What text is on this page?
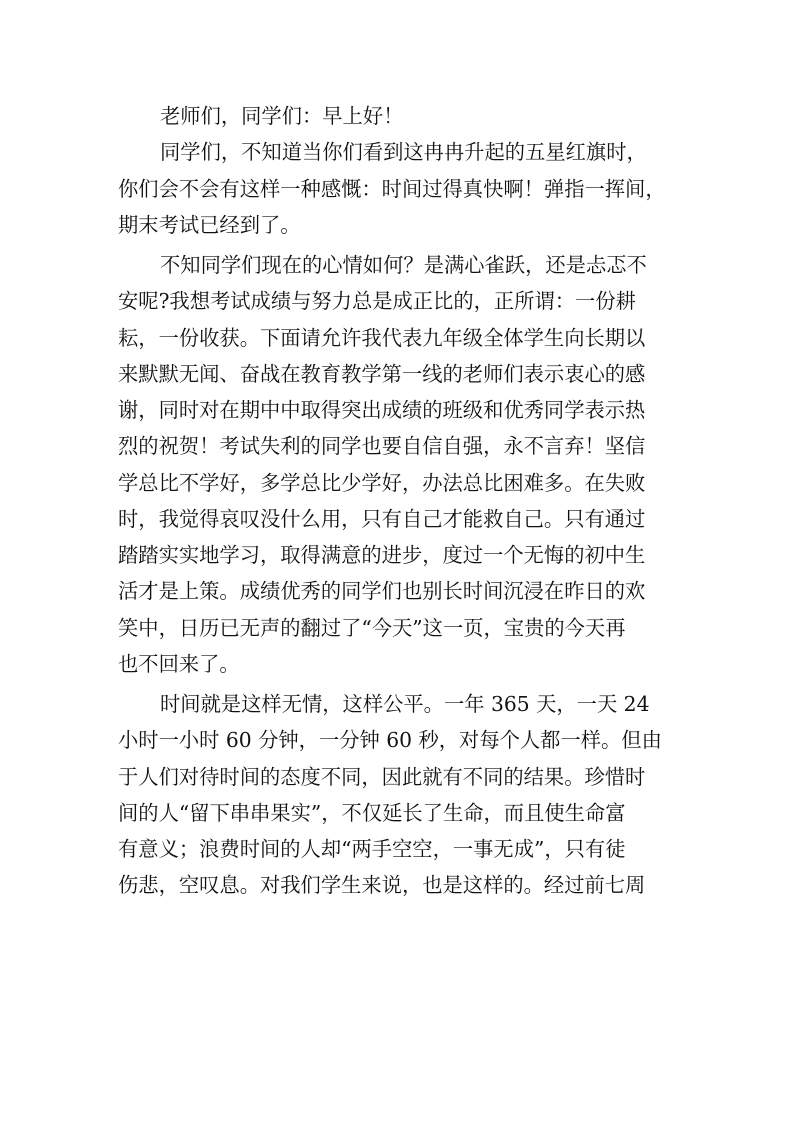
老师们，同学们：早上好！
同学们，不知道当你们看到这冉冉升起的五星红旗时，
你们会不会有这样一种感慨：时间过得真快啊！弹指一挥间，
期末考试已经到了。
不知同学们现在的心情如何？是满心雀跃，还是忐忑不
安呢?我想考试成绩与努力总是成正比的，正所谓：一份耕
耘，一份收获。下面请允许我代表九年级全体学生向长期以
来默默无闻、奋战在教育教学第一线的老师们表示衷心的感
谢，同时对在期中中取得突出成绩的班级和优秀同学表示热
烈的祝贺！考试失利的同学也要自信自强，永不言弃！坚信
学总比不学好，多学总比少学好，办法总比困难多。在失败
时，我觉得哀叹没什么用，只有自己才能救自己。只有通过
踏踏实实地学习，取得满意的进步，度过一个无悔的初中生
活才是上策。成绩优秀的同学们也别长时间沉浸在昨日的欢
笑中，日历已无声的翻过了“今天”这一页，宝贵的今天再
也不回来了。
时间就是这样无情，这样公平。一年 365 天，一天 24
小时一小时 60 分钟，一分钟 60 秒，对每个人都一样。但由
于人们对待时间的态度不同，因此就有不同的结果。珍惜时
间的人“留下串串果实”，不仅延长了生命，而且使生命富
有意义；浪费时间的人却“两手空空，一事无成”，只有徒
伤悲，空叹息。对我们学生来说，也是这样的。经过前七周
